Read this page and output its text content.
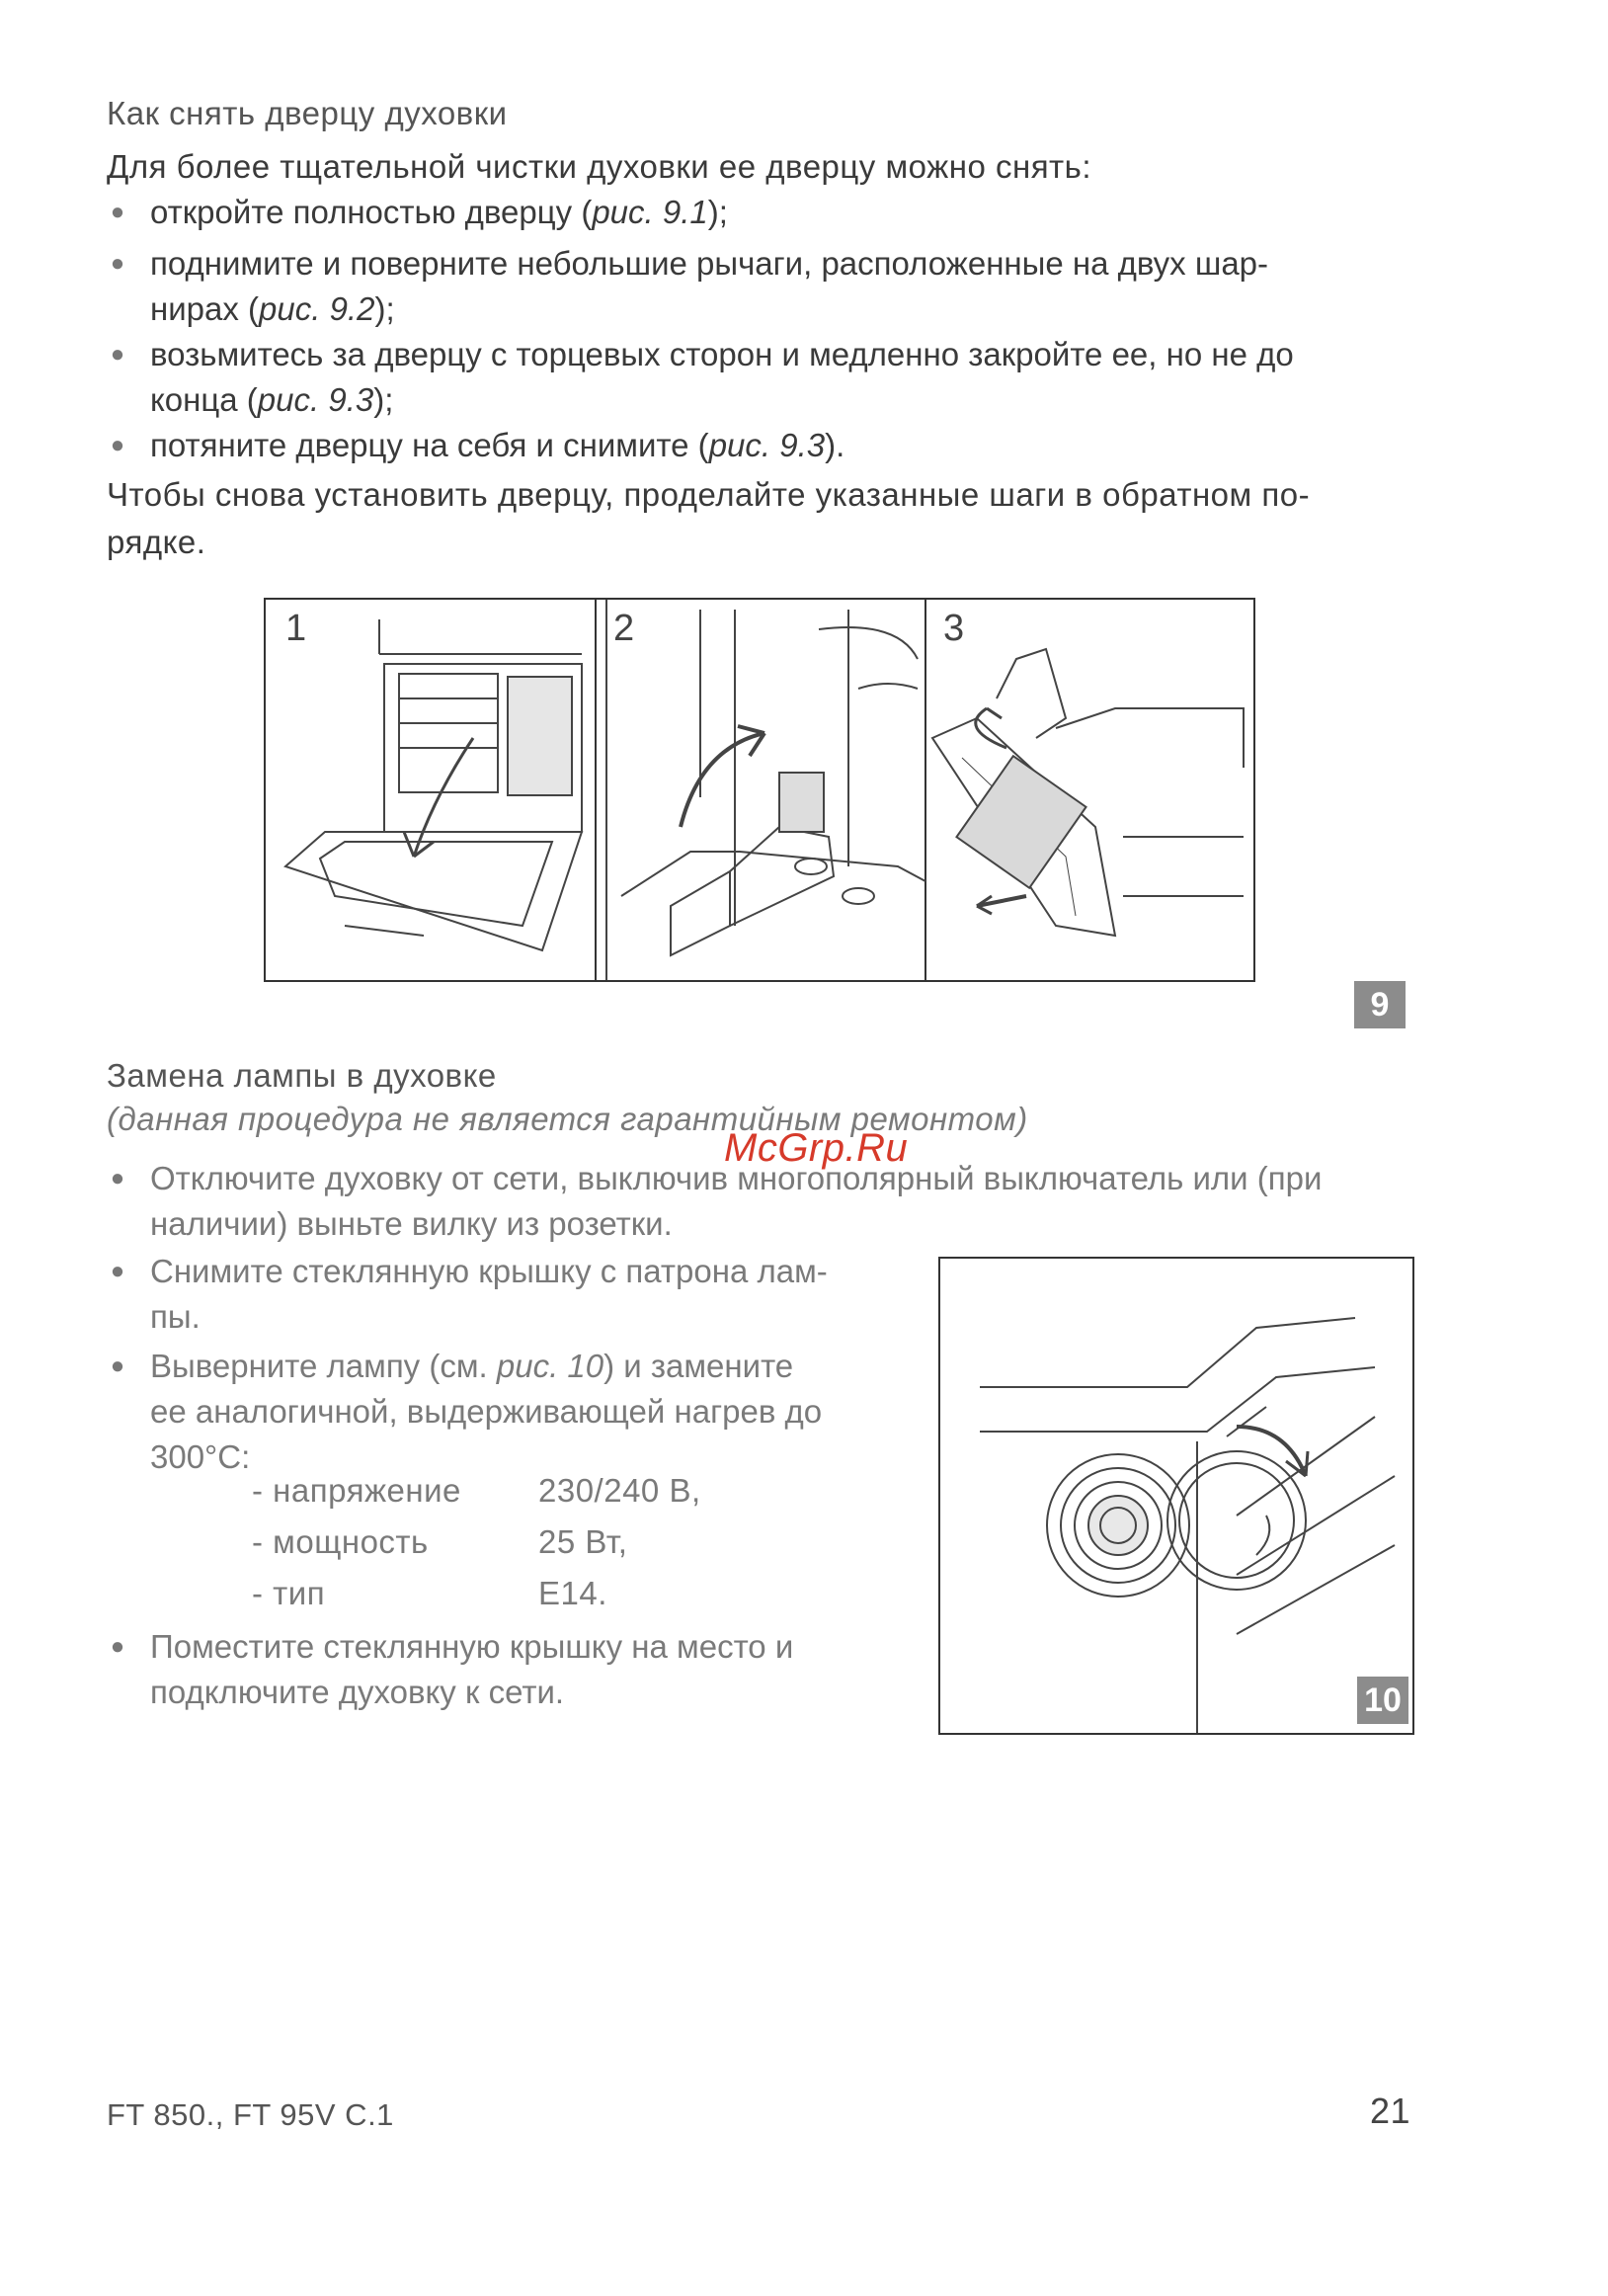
Как снять дверцу духовки
Для более тщательной чистки духовки ее дверцу можно снять:
● откройте полностью дверцу (рис. 9.1);
● поднимите и поверните небольшие рычаги, расположенные на двух шар-
нирах (рис. 9.2);
● возьмитесь за дверцу с торцевых сторон и медленно закройте ее, но не до
конца (рис. 9.3);
● потяните дверцу на себя и снимите (рис. 9.3).
Чтобы снова установить дверцу, проделайте указанные шаги в обратном по-
рядке.
1	2	3
9
Замена лампы в духовке
(данная процедура не является гарантийным ремонтом)
McGrp.Ru
● Отключите духовку от сети, выключив многополярный выключатель или (при
наличии) выньте вилку из розетки.
● Снимите стеклянную крышку с патрона лам-
пы.
● Выверните лампу (см. рис. 10) и замените
ее аналогичной, выдерживающей нагрев до
300°C:
- напряжение 230/240 В,
- мощность	25 Вт,
- тип	E14.
● Поместите стеклянную крышку на место и
подключите духовку к сети.	10
FT 850., FT 95V C.1	21
